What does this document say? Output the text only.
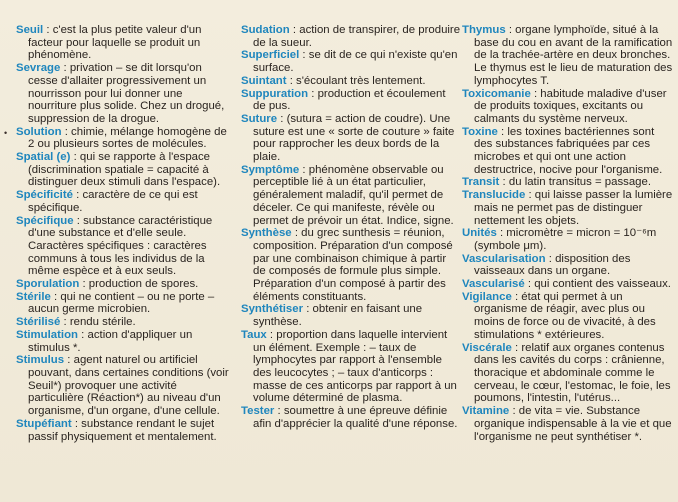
•

Seuil : c'est la plus petite valeur d'un facteur pour laquelle se produit un phénomène.

Sevrage : privation – se dit lorsqu'on cesse d'allaiter progressivement un nourrisson pour lui donner une nourriture plus solide. Chez un drogué, suppression de la drogue.

Solution : chimie, mélange homogène de 2 ou plusieurs sortes de molécules.

Spatial (e) : qui se rapporte à l'espace (discrimination spatiale = capacité à distinguer deux stimuli dans l'espace).

Spécificité : caractère de ce qui est spécifique.

Spécifique : substance caractéristique d'une substance et d'elle seule. Caractères spécifiques : caractères communs à tous les individus de la même espèce et à eux seuls.

Sporulation : production de spores.

Stérile : qui ne contient – ou ne porte – aucun germe microbien.

Stérilisé : rendu stérile.

Stimulation : action d'appliquer un stimulus *.

Stimulus : agent naturel ou artificiel pouvant, dans certaines conditions (voir Seuil*) provoquer une activité particulière (Réaction*) au niveau d'un organisme, d'un organe, d'une cellule.

Stupéfiant : substance rendant le sujet passif physiquement et mentalement.

Sudation : action de transpirer, de produire de la sueur.

Superficiel : se dit de ce qui n'existe qu'en surface.

Suintant : s'écoulant très lentement.

Suppuration : production et écoulement de pus.

Suture : (sutura = action de coudre). Une suture est une « sorte de couture » faite pour rapprocher les deux bords de la plaie.

Symptôme : phénomène observable ou perceptible lié à un état particulier, généralement maladif, qu'il permet de déceler. Ce qui manifeste, révèle ou permet de prévoir un état. Indice, signe.

Synthèse : du grec sunthesis = réunion, composition. Préparation d'un composé par une combinaison chimique à partir de composés de formule plus simple. Préparation d'un composé à partir des éléments constituants.

Synthétiser : obtenir en faisant une synthèse.

Taux : proportion dans laquelle intervient un élément. Exemple : – taux de lymphocytes par rapport à l'ensemble des leucocytes ; – taux d'anticorps : masse de ces anticorps par rapport à un volume déterminé de plasma.

Tester : soumettre à une épreuve définie afin d'apprécier la qualité d'une réponse.

Thymus : organe lymphoïde, situé à la base du cou en avant de la ramification de la trachée-artère en deux bronches. Le thymus est le lieu de maturation des lymphocytes T.

Toxicomanie : habitude maladive d'user de produits toxiques, excitants ou calmants du système nerveux.

Toxine : les toxines bactériennes sont des substances fabriquées par ces microbes et qui ont une action destructrice, nocive pour l'organisme.

Transit : du latin transitus = passage.

Translucide : qui laisse passer la lumière mais ne permet pas de distinguer nettement les objets.

Unités : micromètre = micron = 10⁻⁶m (symbole μm).

Vascularisation : disposition des vaisseaux dans un organe.

Vascularisé : qui contient des vaisseaux.

Vigilance : état qui permet à un organisme de réagir, avec plus ou moins de force ou de vivacité, à des stimulations * extérieures.

Viscérale : relatif aux organes contenus dans les cavités du corps : crânienne, thoracique et abdominale comme le cerveau, le cœur, l'estomac, le foie, les poumons, l'intestin, l'utérus...

Vitamine : de vita = vie. Substance organique indispensable à la vie et que l'organisme ne peut synthétiser *.
